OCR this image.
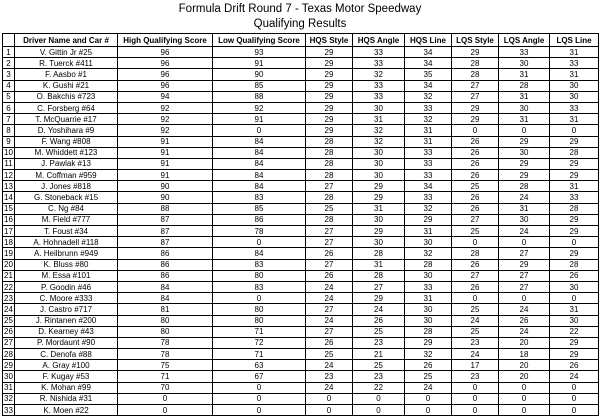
Formula Drift Round 7 - Texas Motor Speedway
Qualifying Results
	Driver Name and Car #	High Qualifying Score	Low Qualifying Score	HQS Style	HQS Angle	HQS Line	LQS Style	LQS Angle	LQS Line
1	V. Gittin Jr #25	96	93	29	33	34	29	33	31
2	R. Tuerck #411	96	91	29	33	34	28	30	33
3	F. Aasbo #1	96	90	29	32	35	28	31	31
4	K. Gushi #21	96	85	29	33	34	27	28	30
5	O. Bakchis #723	94	88	29	33	32	27	31	30
6	C. Forsberg #64	92	92	29	30	33	29	30	33
7	T. McQuarrie #17	92	91	29	31	32	29	31	31
8	D. Yoshihara #9	92	0	29	32	31	0	0	0
9	F. Wang #808	91	84	28	32	31	26	29	29
10	M. Whiddett #123	91	84	28	30	33	26	30	28
11	J. Pawlak #13	91	84	28	30	33	26	29	29
12	M. Coffman #959	91	84	28	30	33	26	29	29
13	J. Jones #818	90	84	27	29	34	25	28	31
14	G. Stoneback #15	90	83	28	29	33	26	24	33
15	C. Ng #84	88	85	25	31	32	26	31	28
16	M. Field #777	87	86	28	30	29	27	30	29
17	T. Foust #34	87	78	27	29	31	25	24	29
18	A. Hohnadell #118	87	0	27	30	30	0	0	0
19	A. Heilbrunn #949	86	84	26	28	32	28	27	29
20	K. Bluss #80	86	83	27	31	28	26	29	28
21	M. Essa #101	86	80	26	28	30	27	27	26
22	P. Goodin #46	84	83	24	27	33	26	27	30
23	C. Moore #333	84	0	24	29	31	0	0	0
24	J. Castro #717	81	80	27	24	30	25	24	31
25	J. Rintanen #200	80	80	24	26	30	24	26	30
26	D. Kearney #43	80	71	27	25	28	25	24	22
27	P. Mordaunt #90	78	72	26	23	29	23	20	29
28	C. Denofa #88	78	71	25	21	32	24	18	29
29	A. Gray #100	75	63	24	25	26	17	20	26
30	F. Kugay #53	71	67	23	23	25	23	20	24
31	K. Mohan #99	70	0	24	22	24	0	0	0
32	R. Nishida #31	0	0	0	0	0	0	0	0
33	K. Moen #22	0	0	0	0	0	0	0	0
